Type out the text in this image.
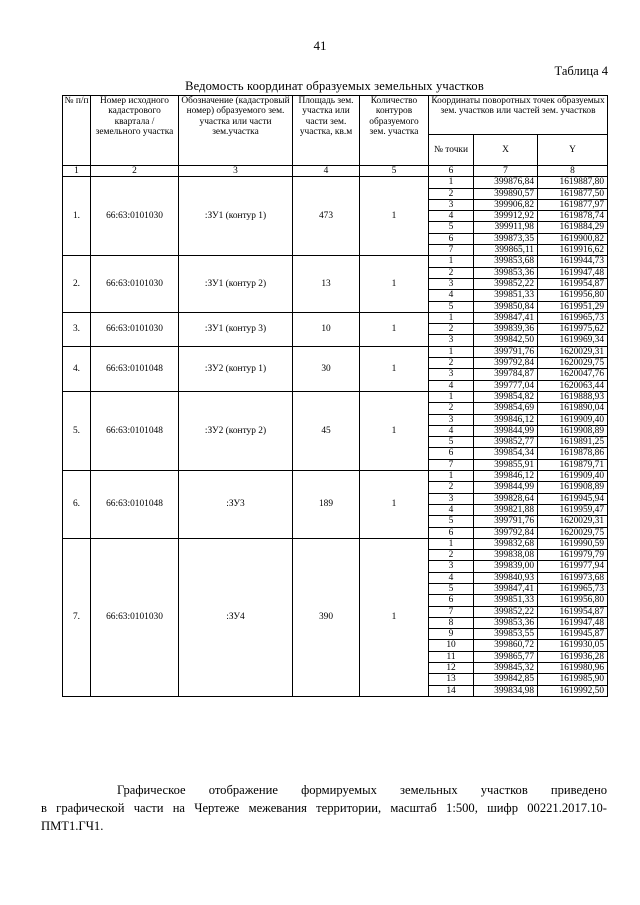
41
Таблица 4
Ведомость координат образуемых земельных участков
№ п/п	Номер исходного кадастрового квартала / земельного участка	Обозначение (кадастровый номер) образуемого зем. участка или части зем.участка	Площадь зем. участка или части зем. участка, кв.м	Количество контуров образуемого зем. участка	Координаты поворотных точек образуемых зем. участков или частей зем. участков		
					№ точки	X	Y
1	2	3	4	5	6	7	8
1.	66:63:0101030	:ЗУ1 (контур 1)	473	1	1	399876,84	1619887,80
					2	399890,57	1619877,50
					3	399906,82	1619877,97
					4	399912,92	1619878,74
					5	399911,98	1619884,29
					6	399873,35	1619900,82
					7	399865,11	1619916,62
2.	66:63:0101030	:ЗУ1 (контур 2)	13	1	1	399853,68	1619944,73
					2	399853,36	1619947,48
					3	399852,22	1619954,87
					4	399851,33	1619956,80
					5	399850,84	1619951,29
3.	66:63:0101030	:ЗУ1 (контур 3)	10	1	1	399847,41	1619965,73
					2	399839,36	1619975,62
					3	399842,50	1619969,34
4.	66:63:0101048	:ЗУ2 (контур 1)	30	1	1	399791,76	1620029,31
					2	399792,84	1620029,75
					3	399784,87	1620047,76
					4	399777,04	1620063,44
5.	66:63:0101048	:ЗУ2 (контур 2)	45	1	1	399854,82	1619888,93
					2	399854,69	1619890,04
					3	399846,12	1619909,40
					4	399844,99	1619908,89
					5	399852,77	1619891,25
					6	399854,34	1619878,86
					7	399855,91	1619879,71
6.	66:63:0101048	:ЗУ3	189	1	1	399846,12	1619909,40
					2	399844,99	1619908,89
					3	399828,64	1619945,94
					4	399821,88	1619959,47
					5	399791,76	1620029,31
					6	399792,84	1620029,75
7.	66:63:0101030	:ЗУ4	390	1	1	399832,68	1619990,59
					2	399838,08	1619979,79
					3	399839,00	1619977,94
					4	399840,93	1619973,68
					5	399847,41	1619965,73
					6	399851,33	1619956,80
					7	399852,22	1619954,87
					8	399853,36	1619947,48
					9	399853,55	1619945,87
					10	399860,72	1619930,05
					11	399865,77	1619936,28
					12	399845,32	1619980,96
					13	399842,85	1619985,90
					14	399834,98	1619992,50
Графическое отображение формируемых земельных участков приведено
в графической части на Чертеже межевания территории, масштаб 1:500, шифр 00221.2017.10-ПМТ1.ГЧ1.
